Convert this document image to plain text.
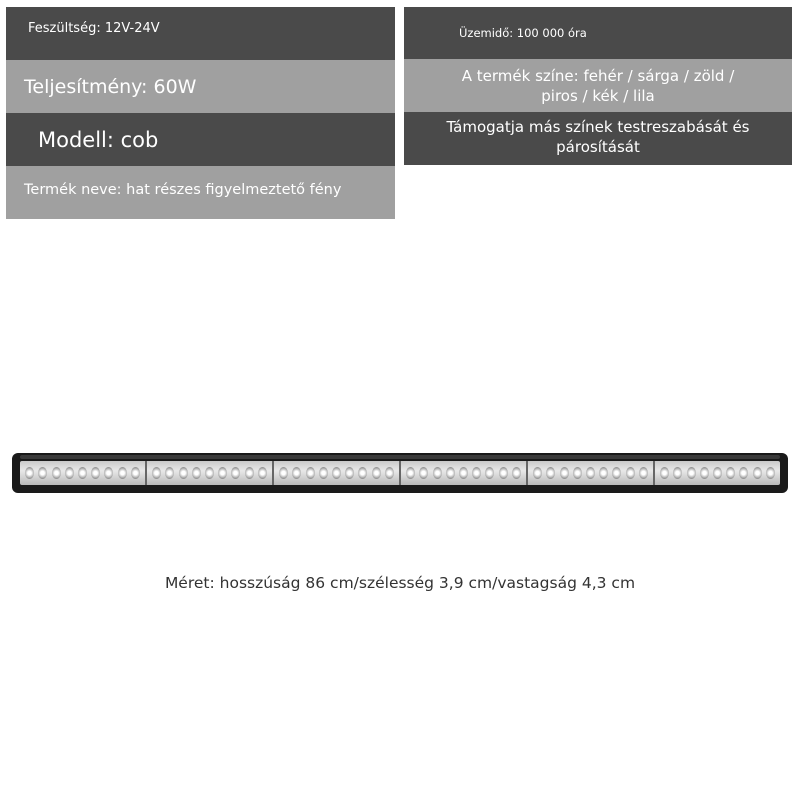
Feszültség: 12V-24V
Teljesítmény: 60W
Modell: cob
Termék neve: hat részes figyelmeztető fény
Üzemidő: 100 000 óra
A termék színe: fehér / sárga / zöld /
piros / kék / lila
Támogatja más színek testreszabását és
párosítását
Méret: hosszúság 86 cm/szélesség 3,9 cm/vastagság 4,3 cm
